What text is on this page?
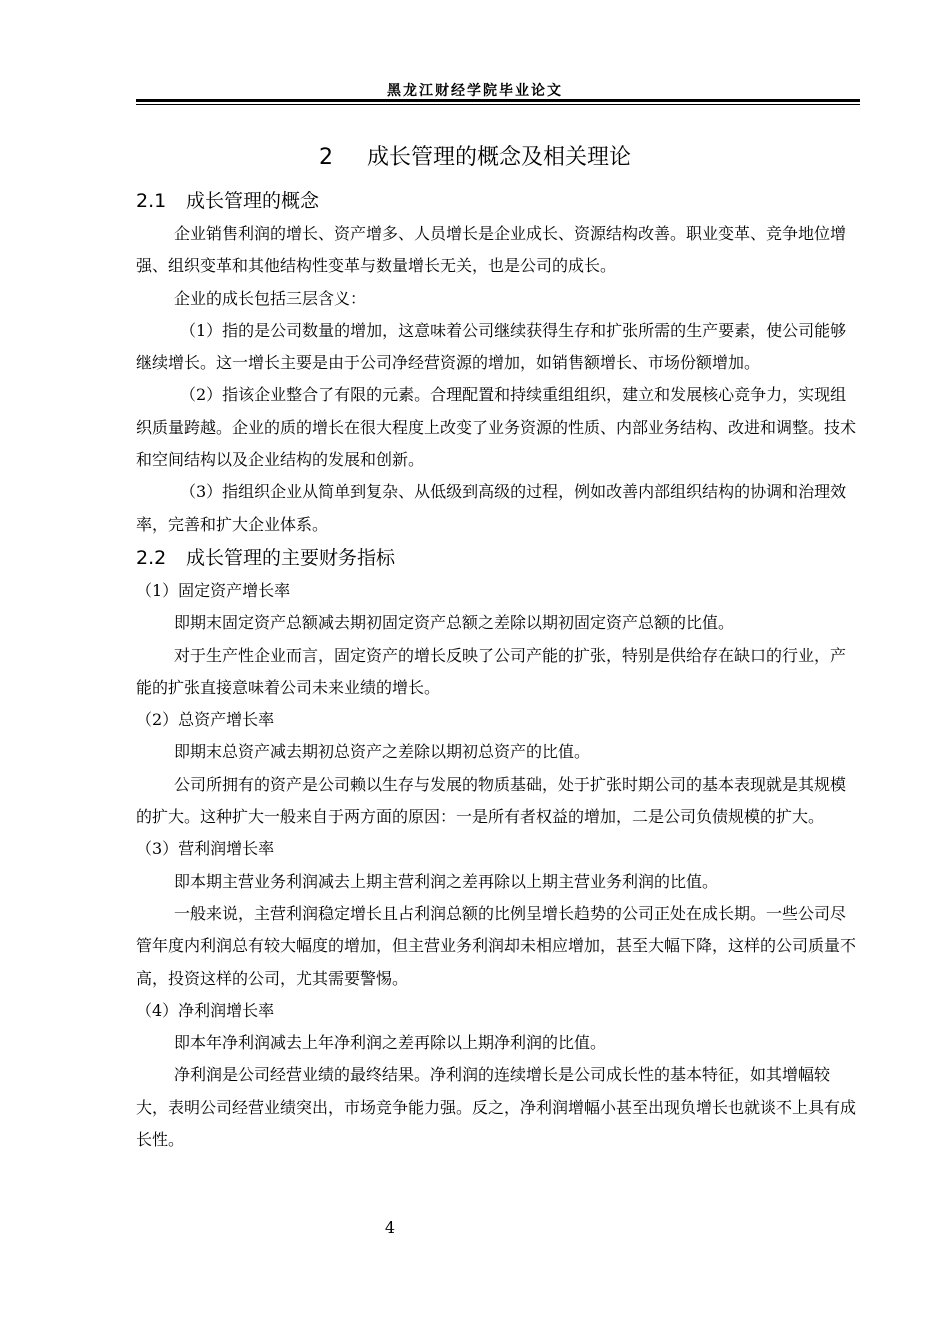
黑龙江财经学院毕业论文
2 成长管理的概念及相关理论
2.1 成长管理的概念

企业销售利润的增长、资产增多、人员增长是企业成长、资源结构改善。职业变革、竞争地位增强、组织变革和其他结构性变革与数量增长无关，也是公司的成长。

企业的成长包括三层含义：

（1）指的是公司数量的增加，这意味着公司继续获得生存和扩张所需的生产要素，使公司能够继续增长。这一增长主要是由于公司净经营资源的增加，如销售额增长、市场份额增加。

（2）指该企业整合了有限的元素。合理配置和持续重组组织，建立和发展核心竞争力，实现组织质量跨越。企业的质的增长在很大程度上改变了业务资源的性质、内部业务结构、改进和调整。技术和空间结构以及企业结构的发展和创新。

（3）指组织企业从简单到复杂、从低级到高级的过程，例如改善内部组织结构的协调和治理效率，完善和扩大企业体系。

2.2 成长管理的主要财务指标

（1）固定资产增长率

即期末固定资产总额减去期初固定资产总额之差除以期初固定资产总额的比值。

对于生产性企业而言，固定资产的增长反映了公司产能的扩张，特别是供给存在缺口的行业，产能的扩张直接意味着公司未来业绩的增长。

（2）总资产增长率

即期末总资产减去期初总资产之差除以期初总资产的比值。

公司所拥有的资产是公司赖以生存与发展的物质基础，处于扩张时期公司的基本表现就是其规模的扩大。这种扩大一般来自于两方面的原因：一是所有者权益的增加，二是公司负债规模的扩大。

（3）营利润增长率

即本期主营业务利润减去上期主营利润之差再除以上期主营业务利润的比值。

一般来说，主营利润稳定增长且占利润总额的比例呈增长趋势的公司正处在成长期。一些公司尽管年度内利润总有较大幅度的增加，但主营业务利润却未相应增加，甚至大幅下降，这样的公司质量不高，投资这样的公司，尤其需要警惕。

（4）净利润增长率

即本年净利润减去上年净利润之差再除以上期净利润的比值。

净利润是公司经营业绩的最终结果。净利润的连续增长是公司成长性的基本特征，如其增幅较大，表明公司经营业绩突出，市场竞争能力强。反之，净利润增幅小甚至出现负增长也就谈不上具有成长性。

4
